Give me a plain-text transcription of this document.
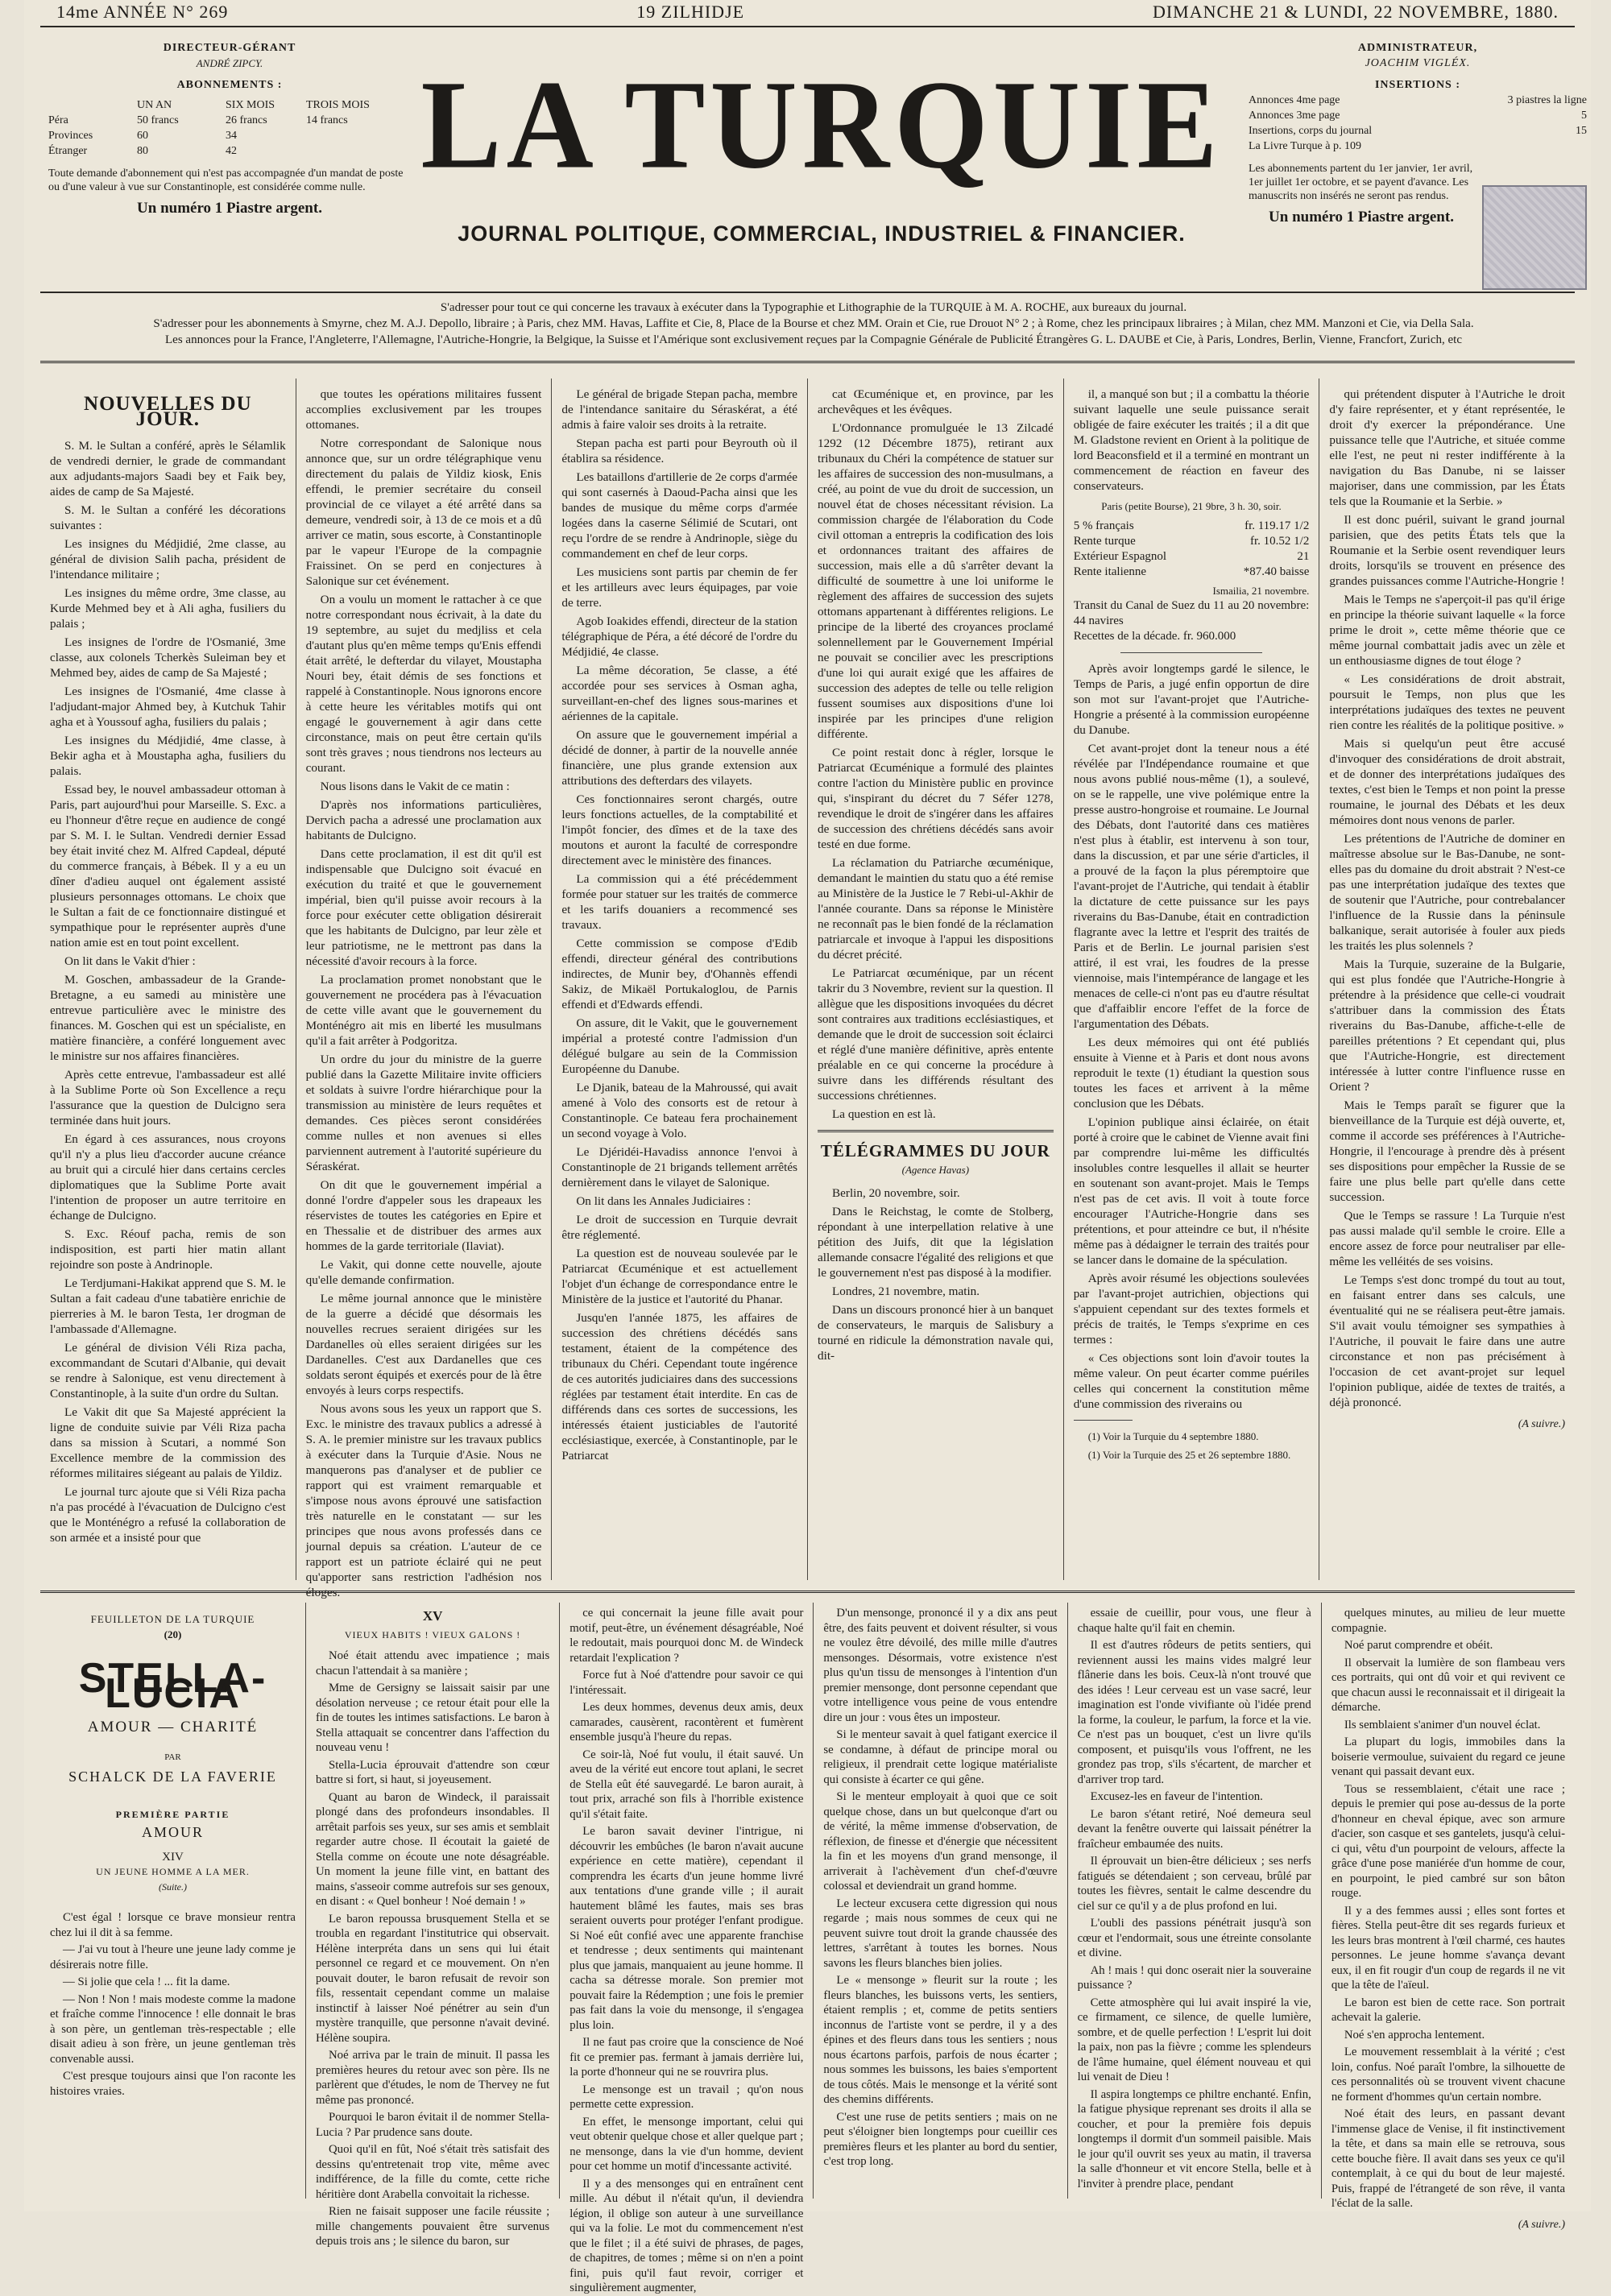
14me ANNÉE N° 269	19 ZILHIDJE	DIMANCHE 21 & LUNDI, 22 NOVEMBRE, 1880.
DIRECTEUR-GÉRANT
ANDRÉ ZIPCY.
ABONNEMENTS :
UN AN	SIX MOIS	TROIS MOIS
Péra	50 francs	26 francs	14 francs
Provinces	60	34
Étranger	80	42
Toute demande d'abonnement qui n'est pas accompagnée d'un mandat de poste ou d'une valeur à vue sur Constantinople, est considérée comme nulle.
Un numéro 1 Piastre argent.
LA TURQUIE
JOURNAL POLITIQUE, COMMERCIAL, INDUSTRIEL & FINANCIER.
ADMINISTRATEUR,
JOACHIM VIGLÉX.
INSERTIONS :
Annonces 4me page	3 piastres la ligne
Annonces 3me page	5
Insertions, corps du journal	15
La Livre Turque à p. 109
Les abonnements partent du 1er janvier, 1er avril, 1er juillet 1er octobre, et se payent d'avance. Les manuscrits non insérés ne seront pas rendus.
Un numéro 1 Piastre argent.
S'adresser pour tout ce qui concerne les travaux à exécuter dans la Typographie et Lithographie de la TURQUIE à M. A. ROCHE, aux bureaux du journal.
S'adresser pour les abonnements à Smyrne, chez M. A.J. Depollo, libraire ; à Paris, chez MM. Havas, Laffite et Cie, 8, Place de la Bourse et chez MM. Orain et Cie, rue Drouot N° 2 ; à Rome, chez les principaux libraires ; à Milan, chez MM. Manzoni et Cie, via Della Sala.
Les annonces pour la France, l'Angleterre, l'Allemagne, l'Autriche-Hongrie, la Belgique, la Suisse et l'Amérique sont exclusivement reçues par la Compagnie Générale de Publicité Étrangères G. L. DAUBE et Cie, à Paris, Londres, Berlin, Vienne, Francfort, Zurich, etc
NOUVELLES DU JOUR.

S. M. le Sultan a conféré, après le Sélamlik de vendredi dernier, le grade de commandant aux adjudants-majors Saadi bey et Faik bey, aides de camp de Sa Majesté.

S. M. le Sultan a conféré les décorations suivantes :

Les insignes du Médjidié, 2me classe, au général de division Salih pacha, président de l'intendance militaire ;

Les insignes du même ordre, 3me classe, au Kurde Mehmed bey et à Ali agha, fusiliers du palais ;

Les insignes de l'ordre de l'Osmanié, 3me classe, aux colonels Tcherkès Suleiman bey et Mehmed bey, aides de camp de Sa Majesté ;

Les insignes de l'Osmanié, 4me classe à l'adjudant-major Ahmed bey, à Kutchuk Tahir agha et à Youssouf agha, fusiliers du palais ;

Les insignes du Médjidié, 4me classe, à Bekir agha et à Moustapha agha, fusiliers du palais.

Essad bey, le nouvel ambassadeur ottoman à Paris, part aujourd'hui pour Marseille. S. Exc. a eu l'honneur d'être reçue en audience de congé par S. M. I. le Sultan. Vendredi dernier Essad bey était invité chez M. Alfred Capdeal, député du commerce français, à Bébek. Il y a eu un dîner d'adieu auquel ont également assisté plusieurs personnages ottomans. Le choix que le Sultan a fait de ce fonctionnaire distingué et sympathique pour le représenter auprès d'une nation amie est en tout point excellent.

On lit dans le Vakit d'hier :

M. Goschen, ambassadeur de la Grande-Bretagne, a eu samedi au ministère une entrevue particulière avec le ministre des finances. M. Goschen qui est un spécialiste, en matière financière, a conféré longuement avec le ministre sur nos affaires financières.

Après cette entrevue, l'ambassadeur est allé à la Sublime Porte où Son Excellence a reçu l'assurance que la question de Dulcigno sera terminée dans huit jours.

En égard à ces assurances, nous croyons qu'il n'y a plus lieu d'accorder aucune créance au bruit qui a circulé hier dans certains cercles diplomatiques que la Sublime Porte avait l'intention de proposer un autre territoire en échange de Dulcigno.

S. Exc. Réouf pacha, remis de son indisposition, est parti hier matin allant rejoindre son poste à Andrinople.

Le Terdjumani-Hakikat apprend que S. M. le Sultan a fait cadeau d'une tabatière enrichie de pierreries à M. le baron Testa, 1er drogman de l'ambassade d'Allemagne.

Le général de division Véli Riza pacha, excommandant de Scutari d'Albanie, qui devait se rendre à Salonique, est venu directement à Constantinople, à la suite d'un ordre du Sultan.

Le Vakit dit que Sa Majesté apprécient la ligne de conduite suivie par Véli Riza pacha dans sa mission à Scutari, a nommé Son Excellence membre de la commission des réformes militaires siégeant au palais de Yildiz.

Le journal turc ajoute que si Véli Riza pacha n'a pas procédé à l'évacuation de Dulcigno c'est que le Monténégro a refusé la collaboration de son armée et a insisté pour que

que toutes les opérations militaires fussent accomplies exclusivement par les troupes ottomanes.

Notre correspondant de Salonique nous annonce que, sur un ordre télégraphique venu directement du palais de Yildiz kiosk, Enis effendi, le premier secrétaire du conseil provincial de ce vilayet a été arrêté dans sa demeure, vendredi soir, à 13 de ce mois et a dû arriver ce matin, sous escorte, à Constantinople par le vapeur l'Europe de la compagnie Fraissinet. On se perd en conjectures à Salonique sur cet événement.

On a voulu un moment le rattacher à ce que notre correspondant nous écrivait, à la date du 19 septembre, au sujet du medjliss et cela d'autant plus qu'en même temps qu'Enis effendi était arrêté, le defterdar du vilayet, Moustapha Nouri bey, était démis de ses fonctions et rappelé à Constantinople. Nous ignorons encore à cette heure les véritables motifs qui ont engagé le gouvernement à agir dans cette circonstance, mais on peut être certain qu'ils sont très graves ; nous tiendrons nos lecteurs au courant.

Nous lisons dans le Vakit de ce matin :

D'après nos informations particulières, Dervich pacha a adressé une proclamation aux habitants de Dulcigno.

Dans cette proclamation, il est dit qu'il est indispensable que Dulcigno soit évacué en exécution du traité et que le gouvernement impérial, bien qu'il puisse avoir recours à la force pour exécuter cette obligation désirerait que les habitants de Dulcigno, par leur zèle et leur patriotisme, ne le mettront pas dans la nécessité d'avoir recours à la force.

La proclamation promet nonobstant que le gouvernement ne procédera pas à l'évacuation de cette ville avant que le gouvernement du Monténégro ait mis en liberté les musulmans qu'il a fait arrêter à Podgoritza.

Un ordre du jour du ministre de la guerre publié dans la Gazette Militaire invite officiers et soldats à suivre l'ordre hiérarchique pour la transmission au ministère de leurs requêtes et demandes. Ces pièces seront considérées comme nulles et non avenues si elles parviennent autrement à l'autorité supérieure du Séraskérat.

On dit que le gouvernement impérial a donné l'ordre d'appeler sous les drapeaux les réservistes de toutes les catégories en Epire et en Thessalie et de distribuer des armes aux hommes de la garde territoriale (Ilaviat).

Le Vakit, qui donne cette nouvelle, ajoute qu'elle demande confirmation.

Le même journal annonce que le ministère de la guerre a décidé que désormais les nouvelles recrues seraient dirigées sur les Dardanelles où elles seraient dirigées sur les Dardanelles. C'est aux Dardanelles que ces soldats seront équipés et exercés pour de là être envoyés à leurs corps respectifs.

Nous avons sous les yeux un rapport que S. Exc. le ministre des travaux publics a adressé à S. A. le premier ministre sur les travaux publics à exécuter dans la Turquie d'Asie. Nous ne manquerons pas d'analyser et de publier ce rapport qui est vraiment remarquable et s'impose nous avons éprouvé une satisfaction très naturelle en le constatant — sur les principes que nous avons professés dans ce journal depuis sa création. L'auteur de ce rapport est un patriote éclairé qui ne peut qu'apporter sans restriction l'adhésion nos éloges.

Le général de brigade Stepan pacha, membre de l'intendance sanitaire du Séraskérat, a été admis à faire valoir ses droits à la retraite.

Stepan pacha est parti pour Beyrouth où il établira sa résidence.

Les bataillons d'artillerie de 2e corps d'armée qui sont casernés à Daoud-Pacha ainsi que les bandes de musique du même corps d'armée logées dans la caserne Sélimié de Scutari, ont reçu l'ordre de se rendre à Andrinople, siège du commandement en chef de leur corps.

Les musiciens sont partis par chemin de fer et les artilleurs avec leurs équipages, par voie de terre.

Agob Ioakides effendi, directeur de la station télégraphique de Péra, a été décoré de l'ordre du Médjidié, 4e classe.

La même décoration, 5e classe, a été accordée pour ses services à Osman agha, surveillant-en-chef des lignes sous-marines et aériennes de la capitale.

On assure que le gouvernement impérial a décidé de donner, à partir de la nouvelle année financière, une plus grande extension aux attributions des defterdars des vilayets.

Ces fonctionnaires seront chargés, outre leurs fonctions actuelles, de la comptabilité et l'impôt foncier, des dîmes et de la taxe des moutons et auront la faculté de correspondre directement avec le ministère des finances.

La commission qui a été précédemment formée pour statuer sur les traités de commerce et les tarifs douaniers a recommencé ses travaux.

Cette commission se compose d'Edib effendi, directeur général des contributions indirectes, de Munir bey, d'Ohannès effendi Sakiz, de Mikaël Portukaloglou, de Parnis effendi et d'Edwards effendi.

On assure, dit le Vakit, que le gouvernement impérial a protesté contre l'admission d'un délégué bulgare au sein de la Commission Européenne du Danube.

Le Djanik, bateau de la Mahroussé, qui avait amené à Volo des consorts est de retour à Constantinople. Ce bateau fera prochainement un second voyage à Volo.

Le Djéridéi-Havadiss annonce l'envoi à Constantinople de 21 brigands tellement arrêtés dernièrement dans le vilayet de Salonique.

On lit dans les Annales Judiciaires :

Le droit de succession en Turquie devrait être réglementé.

La question est de nouveau soulevée par le Patriarcat Œcuménique et est actuellement l'objet d'un échange de correspondance entre le Ministère de la justice et l'autorité du Phanar.

Jusqu'en l'année 1875, les affaires de succession des chrétiens décédés sans testament, étaient de la compétence des tribunaux du Chéri. Cependant toute ingérence de ces autorités judiciaires dans des successions réglées par testament était interdite. En cas de différends dans ces sortes de successions, les intéressés étaient justiciables de l'autorité ecclésiastique, exercée, à Constantinople, par le Patriarcat

cat Œcuménique et, en province, par les archevêques et les évêques.

L'Ordonnance promulguée le 13 Zilcadé 1292 (12 Décembre 1875), retirant aux tribunaux du Chéri la compétence de statuer sur les affaires de succession des non-musulmans, a créé, au point de vue du droit de succession, un nouvel état de choses nécessitant révision. La commission chargée de l'élaboration du Code civil ottoman a entrepris la codification des lois et ordonnances traitant des affaires de succession, mais elle a dû s'arrêter devant la difficulté de soumettre à une loi uniforme le règlement des affaires de succession des sujets ottomans appartenant à différentes religions. Le principe de la liberté des croyances proclamé solennellement par le Gouvernement Impérial ne pouvait se concilier avec les prescriptions d'une loi qui aurait exigé que les affaires de succession des adeptes de telle ou telle religion fussent soumises aux dispositions d'une loi inspirée par les principes d'une religion différente.

Ce point restait donc à régler, lorsque le Patriarcat Œcuménique a formulé des plaintes contre l'action du Ministère public en province qui, s'inspirant du décret du 7 Séfer 1278, revendique le droit de s'ingérer dans les affaires de succession des chrétiens décédés sans avoir testé en due forme.

La réclamation du Patriarche œcuménique, demandant le maintien du statu quo a été remise au Ministère de la Justice le 7 Rebi-ul-Akhir de l'année courante. Dans sa réponse le Ministère ne reconnaît pas le bien fondé de la réclamation patriarcale et invoque à l'appui les dispositions du décret précité.

Le Patriarcat œcuménique, par un récent takrir du 3 Novembre, revient sur la question. Il allègue que les dispositions invoquées du décret sont contraires aux traditions ecclésiastiques, et demande que le droit de succession soit éclairci et réglé d'une manière définitive, après entente préalable en ce qui concerne la procédure à suivre dans les différends résultant des successions chrétiennes.

La question en est là.

TÉLÉGRAMMES DU JOUR
(Agence Havas)

Berlin, 20 novembre, soir.

Dans le Reichstag, le comte de Stolberg, répondant à une interpellation relative à une pétition des Juifs, dit que la législation allemande consacre l'égalité des religions et que le gouvernement n'est pas disposé à la modifier.

Londres, 21 novembre, matin.

Dans un discours prononcé hier à un banquet de conservateurs, le marquis de Salisbury a tourné en ridicule la démonstration navale qui, dit-

il, a manqué son but ; il a combattu la théorie suivant laquelle une seule puissance serait obligée de faire exécuter les traités ; il a dit que M. Gladstone revient en Orient à la politique de lord Beaconsfield et il a terminé en montrant un commencement de réaction en faveur des conservateurs.

Paris (petite Bourse), 21 9bre, 3 h. 30, soir.
5 % français	fr. 119.17 1/2
Rente turque	fr. 10.52 1/2
Extérieur Espagnol	21
Rente italienne	*87.40 baisse
Ismailia, 21 novembre.
Transit du Canal de Suez du 11 au 20 novembre: 44 navires
Recettes de la décade. fr. 960.000

Après avoir longtemps gardé le silence, le Temps de Paris, a jugé enfin opportun de dire son mot sur l'avant-projet que l'Autriche-Hongrie a présenté à la commission européenne du Danube.

Cet avant-projet dont la teneur nous a été révélée par l'Indépendance roumaine et que nous avons publié nous-même (1), a soulevé, on se le rappelle, une vive polémique entre la presse austro-hongroise et roumaine. Le Journal des Débats, dont l'autorité dans ces matières n'est plus à établir, est intervenu à son tour, dans la discussion, et par une série d'articles, il a prouvé de la façon la plus péremptoire que l'avant-projet de l'Autriche, qui tendait à établir la dictature de cette puissance sur les pays riverains du Bas-Danube, était en contradiction flagrante avec la lettre et l'esprit des traités de Paris et de Berlin. Le journal parisien s'est attiré, il est vrai, les foudres de la presse viennoise, mais l'intempérance de langage et les menaces de celle-ci n'ont pas eu d'autre résultat que d'affaiblir encore l'effet de la force de l'argumentation des Débats.

Les deux mémoires qui ont été publiés ensuite à Vienne et à Paris et dont nous avons reproduit le texte (1) étudiant la question sous toutes les faces et arrivent à la même conclusion que les Débats.

L'opinion publique ainsi éclairée, on était porté à croire que le cabinet de Vienne avait fini par comprendre lui-même les difficultés insolubles contre lesquelles il allait se heurter en soutenant son avant-projet. Mais le Temps n'est pas de cet avis. Il voit à toute force encourager l'Autriche-Hongrie dans ses prétentions, et pour atteindre ce but, il n'hésite même pas à dédaigner le terrain des traités pour se lancer dans le domaine de la spéculation.

Après avoir résumé les objections soulevées par l'avant-projet autrichien, objections qui s'appuient cependant sur des textes formels et précis de traités, le Temps s'exprime en ces termes :

« Ces objections sont loin d'avoir toutes la même valeur. On peut écarter comme puériles celles qui concernent la constitution même d'une commission des riverains ou

(1) Voir la Turquie du 4 septembre 1880.

(1) Voir la Turquie des 25 et 26 septembre 1880.

qui prétendent disputer à l'Autriche le droit d'y faire représenter, et y étant représentée, le droit d'y exercer la prépondérance. Une puissance telle que l'Autriche, et située comme elle l'est, ne peut ni rester indifférente à la navigation du Bas Danube, ni se laisser majoriser, dans une commission, par les États tels que la Roumanie et la Serbie. »

Il est donc puéril, suivant le grand journal parisien, que des petits États tels que la Roumanie et la Serbie osent revendiquer leurs droits, lorsqu'ils se trouvent en présence des grandes puissances comme l'Autriche-Hongrie !

Mais le Temps ne s'aperçoit-il pas qu'il érige en principe la théorie suivant laquelle « la force prime le droit », cette même théorie que ce même journal combattait jadis avec un zèle et un enthousiasme dignes de tout éloge ?

« Les considérations de droit abstrait, poursuit le Temps, non plus que les interprétations judaïques des textes ne peuvent rien contre les réalités de la politique positive. »

Mais si quelqu'un peut être accusé d'invoquer des considérations de droit abstrait, et de donner des interprétations judaïques des textes, c'est bien le Temps et non point la presse roumaine, le journal des Débats et les deux mémoires dont nous venons de parler.

Les prétentions de l'Autriche de dominer en maîtresse absolue sur le Bas-Danube, ne sont-elles pas du domaine du droit abstrait ? N'est-ce pas une interprétation judaïque des textes que de soutenir que l'Autriche, pour contrebalancer l'influence de la Russie dans la péninsule balkanique, serait autorisée à fouler aux pieds les traités les plus solennels ?

Mais la Turquie, suzeraine de la Bulgarie, qui est plus fondée que l'Autriche-Hongrie à prétendre à la présidence que celle-ci voudrait s'attribuer dans la commission des États riverains du Bas-Danube, affiche-t-elle de pareilles prétentions ? Et cependant qui, plus que l'Autriche-Hongrie, est directement intéressée à lutter contre l'influence russe en Orient ?

Mais le Temps paraît se figurer que la bienveillance de la Turquie est déjà ouverte, et, comme il accorde ses préférences à l'Autriche-Hongrie, il l'encourage à prendre dès à présent ses dispositions pour empêcher la Russie de se faire une plus belle part qu'elle dans cette succession.

Que le Temps se rassure ! La Turquie n'est pas aussi malade qu'il semble le croire. Elle a encore assez de force pour neutraliser par elle-même les velléités de ses voisins.

Le Temps s'est donc trompé du tout au tout, en faisant entrer dans ses calculs, une éventualité qui ne se réalisera peut-être jamais. S'il avait voulu témoigner ses sympathies à l'Autriche, il pouvait le faire dans une autre circonstance et non pas précisément à l'occasion de cet avant-projet sur lequel l'opinion publique, aidée de textes de traités, a déjà prononcé.

(A suivre.)
FEUILLETON DE LA TURQUIE
(20)
STELLA-LUCIA
AMOUR — CHARITÉ
PAR
SCHALCK DE LA FAVERIE
PREMIÈRE PARTIE
AMOUR
XIV
UN JEUNE HOMME A LA MER.
(Suite.)

C'est égal ! lorsque ce brave monsieur rentra chez lui il dit à sa femme.

— J'ai vu tout à l'heure une jeune lady comme je désirerais notre fille.

— Si jolie que cela ! ... fit la dame.

— Non ! Non ! mais modeste comme la madone et fraîche comme l'innocence ! elle donnait le bras à son père, un gentleman très-respectable ; elle disait adieu à son frère, un jeune gentleman très convenable aussi.

C'est presque toujours ainsi que l'on raconte les histoires vraies.

XV
VIEUX HABITS ! VIEUX GALONS !

Noé était attendu avec impatience ; mais chacun l'attendait à sa manière ;

Mme de Gersigny se laissait saisir par une désolation nerveuse ; ce retour était pour elle la fin de toutes les intimes satisfactions. Le baron à Stella attaquait se concentrer dans l'affection du nouveau venu !

Stella-Lucia éprouvait d'attendre son cœur battre si fort, si haut, si joyeusement.

Quant au baron de Windeck, il paraissait plongé dans des profondeurs insondables. Il arrêtait parfois ses yeux, sur ses amis et semblait regarder autre chose. Il écoutait la gaieté de Stella comme on écoute une note désagréable. Un moment la jeune fille vint, en battant des mains, s'asseoir comme autrefois sur ses genoux, en disant : « Quel bonheur ! Noé demain ! »

Le baron repoussa brusquement Stella et se troubla en regardant l'institutrice qui observait. Hélène interpréta dans un sens qui lui était personnel ce regard et ce mouvement. On n'en pouvait douter, le baron refusait de revoir son fils, ressentait cependant comme un malaise instinctif à laisser Noé pénétrer au sein d'un mystère tranquille, que personne n'avait deviné. Hélène soupira.

Noé arriva par le train de minuit. Il passa les premières heures du retour avec son père. Ils ne parlèrent que d'études, le nom de Thervey ne fut même pas prononcé.

Pourquoi le baron évitait il de nommer Stella-Lucia ? Par prudence sans doute.

Quoi qu'il en fût, Noé s'était très satisfait des dessins qu'entretenait trop vite, même avec indifférence, de la fille du comte, cette riche héritière dont Arabella convoitait la richesse.

Rien ne faisait supposer une facile réussite ; mille changements pouvaient être survenus depuis trois ans ; le silence du baron, sur

ce qui concernait la jeune fille avait pour motif, peut-être, un événement désagréable, Noé le redoutait, mais pourquoi donc M. de Windeck retardait l'explication ?

Force fut à Noé d'attendre pour savoir ce qui l'intéressait.

Les deux hommes, devenus deux amis, deux camarades, causèrent, racontèrent et fumèrent ensemble jusqu'à l'heure du repas.

Ce soir-là, Noé fut voulu, il était sauvé. Un aveu de la vérité eut encore tout aplani, le secret de Stella eût été sauvegardé. Le baron aurait, à tout prix, arraché son fils à l'horrible existence qu'il s'était faite.

Le baron savait deviner l'intrigue, ni découvrir les embûches (le baron n'avait aucune expérience en cette matière), cependant il comprendra les écarts d'un jeune homme livré aux tentations d'une grande ville ; il aurait hautement blâmé les fautes, mais ses bras seraient ouverts pour protéger l'enfant prodigue. Si Noé eût confié avec une apparente franchise et tendresse ; deux sentiments qui maintenant plus que jamais, manquaient au jeune homme. Il cacha sa détresse morale. Son premier mot pouvait faire la Rédemption ; une fois le premier pas fait dans la voie du mensonge, il s'engagea plus loin.

Il ne faut pas croire que la conscience de Noé fit ce premier pas. fermant à jamais derrière lui, la porte d'honneur qui ne se rouvrira plus.

Le mensonge est un travail ; qu'on nous permette cette expression.

En effet, le mensonge important, celui qui veut obtenir quelque chose et aller quelque part ; ne mensonge, dans la vie d'un homme, devient pour cet homme un motif d'incessante activité.

Il y a des mensonges qui en entraînent cent mille. Au début il n'était qu'un, il deviendra légion, il oblige son auteur à une surveillance qui va la folie. Le mot du commencement n'est que le filet ; il a été suivi de phrases, de pages, de chapitres, de tomes ; même si on n'en a point fini, puis qu'il faut revoir, corriger et singulièrement augmenter,

D'un mensonge, prononcé il y a dix ans peut être, des faits peuvent et doivent résulter, si vous ne voulez être dévoilé, des mille mille d'autres mensonges. Désormais, votre existence n'est plus qu'un tissu de mensonges à l'intention d'un premier mensonge, dont personne cependant que votre intelligence vous peine de vous entendre dire un jour : vous êtes un imposteur.

Si le menteur savait à quel fatigant exercice il se condamne, à défaut de principe moral ou religieux, il prendrait cette logique matérialiste qui consiste à écarter ce qui gêne.

Si le menteur employait à quoi que ce soit quelque chose, dans un but quelconque d'art ou de vérité, la même immense d'observation, de réflexion, de finesse et d'énergie que nécessitent la fin et les moyens d'un grand mensonge, il arriverait à l'achèvement d'un chef-d'œuvre colossal et deviendrait un grand homme.

Le lecteur excusera cette digression qui nous regarde ; mais nous sommes de ceux qui ne peuvent suivre tout droit la grande chaussée des lettres, s'arrêtant à toutes les bornes. Nous savons les fleurs blanches bien jolies.

Le « mensonge » fleurit sur la route ; les fleurs blanches, les buissons verts, les sentiers, étaient remplis ; et, comme de petits sentiers inconnus de l'artiste vont se perdre, il y a des épines et des fleurs dans tous les sentiers ; nous nous écartons parfois, parfois de nous écarter ; nous sommes les buissons, les baies s'emportent de tous côtés. Mais le mensonge et la vérité sont des chemins différents.

C'est une ruse de petits sentiers ; mais on ne peut s'éloigner bien longtemps pour cueillir ces premières fleurs et les planter au bord du sentier, c'est trop long.

essaie de cueillir, pour vous, une fleur à chaque halte qu'il fait en chemin.

Il est d'autres rôdeurs de petits sentiers, qui reviennent aussi les mains vides malgré leur flânerie dans les bois. Ceux-là n'ont trouvé que des idées ! Leur cerveau est un vase sacré, leur imagination est l'onde vivifiante où l'idée prend la forme, la couleur, le parfum, la force et la vie. Ce n'est pas un bouquet, c'est un livre qu'ils composent, et puisqu'ils vous l'offrent, ne les grondez pas trop, s'ils s'écartent, de marcher et d'arriver trop tard.

Excusez-les en faveur de l'intention.

Le baron s'étant retiré, Noé demeura seul devant la fenêtre ouverte qui laissait pénétrer la fraîcheur embaumée des nuits.

Il éprouvait un bien-être délicieux ; ses nerfs fatigués se détendaient ; son cerveau, brûlé par toutes les fièvres, sentait le calme descendre du ciel sur ce qu'il y a de plus profond en lui.

L'oubli des passions pénétrait jusqu'à son cœur et l'endormait, sous une étreinte consolante et divine.

Ah ! mais ! qui donc oserait nier la souveraine puissance ?

Cette atmosphère qui lui avait inspiré la vie, ce firmament, ce silence, de quelle lumière, sombre, et de quelle perfection ! L'esprit lui doit la paix, non pas la fièvre ; comme les splendeurs de l'âme humaine, quel élément nouveau et qui lui venait de Dieu !

Il aspira longtemps ce philtre enchanté. Enfin, la fatigue physique reprenant ses droits il alla se coucher, et pour la première fois depuis longtemps il dormit d'un sommeil paisible. Mais le jour qu'il ouvrit ses yeux au matin, il traversa la salle d'honneur et vit encore Stella, belle et à l'inviter à prendre place, pendant

quelques minutes, au milieu de leur muette compagnie.

Noé parut comprendre et obéit.

Il observait la lumière de son flambeau vers ces portraits, qui ont dû voir et qui revivent ce que chacun aussi le reconnaissait et il dirigeait la démarche.

Ils semblaient s'animer d'un nouvel éclat.

La plupart du logis, immobiles dans la boiserie vermoulue, suivaient du regard ce jeune venant qui passait devant eux.

Tous se ressemblaient, c'était une race ; depuis le premier qui pose au-dessus de la porte d'honneur en cheval épique, avec son armure d'acier, son casque et ses gantelets, jusqu'à celui-ci qui, vêtu d'un pourpoint de velours, affecte la grâce d'une pose maniérée d'un homme de cour, en pourpoint, le pied cambré sur son bâton rouge.

Il y a des femmes aussi ; elles sont fortes et fières. Stella peut-être dit ses regards furieux et les leurs bras montrent à l'œil charmé, ces hautes personnes. Le jeune homme s'avança devant eux, il en fit rougir d'un coup de regards il ne vit que la tête de l'aïeul.

Le baron est bien de cette race. Son portrait achevait la galerie.

Noé s'en approcha lentement.

Le mouvement ressemblait à la vérité ; c'est loin, confus. Noé paraît l'ombre, la silhouette de ces personnalités où se trouvent vivent chacune ne forment d'hommes qu'un certain nombre.

Noé était des leurs, en passant devant l'immense glace de Venise, il fit instinctivement la tête, et dans sa main elle se retrouva, sous cette bouche fière. Il avait dans ses yeux ce qu'il contemplait, à ce qui du bout de leur majesté. Puis, frappé de l'étrangeté de son rêve, il vanta l'éclat de la salle.

(A suivre.)
